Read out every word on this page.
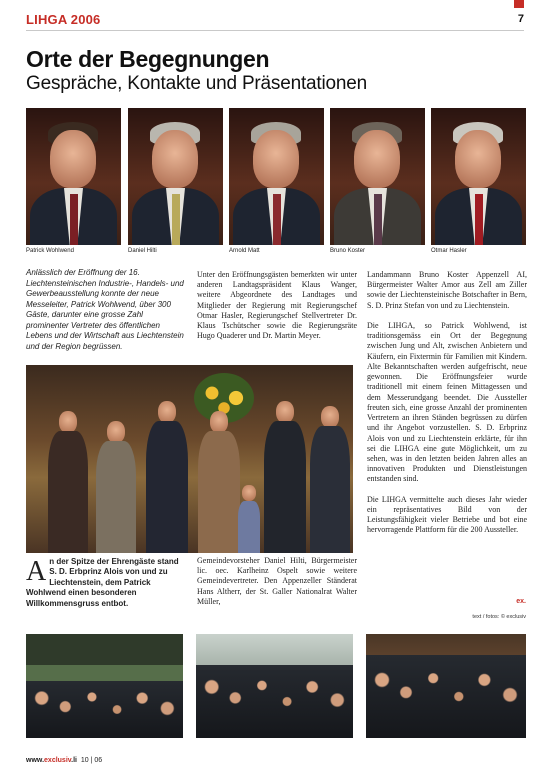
LIHGA 2006	7
Orte der Begegnungen
Gespräche, Kontakte und Präsentationen
Patrick Wohlwend	Daniel Hilti	Arnold Matt	Bruno Koster	Otmar Hasler

Anlässlich der Eröffnung der 16. Liechtensteinischen Industrie-, Handels- und Gewerbeausstellung konnte der neue Messeleiter, Patrick Wohlwend, über 300 Gäste, darunter eine grosse Zahl prominenter Vertreter des öffentlichen Lebens und der Wirtschaft aus Liechtenstein und der Region begrüssen.

Unter den Eröffnungsgästen bemerkten wir unter anderen Landtagspräsident Klaus Wanger, weitere Abgeordnete des Landtages und Mitglieder der Regierung mit Regierungschef Otmar Hasler, Regierungschef Stellvertreter Dr. Klaus Tschütscher sowie die Regierungsräte Hugo Quaderer und Dr. Martin Meyer.

Landammann Bruno Koster Appenzell AI, Bürgermeister Walter Amor aus Zell am Ziller sowie der Liechtensteinische Botschafter in Bern, S. D. Prinz Stefan von und zu Liechtenstein.

Die LIHGA, so Patrick Wohlwend, ist traditionsgemäss ein Ort der Begegnung zwischen Jung und Alt, zwischen Anbietern und Käufern, ein Fixtermin für Familien mit Kindern. Alte Bekanntschaften werden aufgefrischt, neue gewonnen. Die Eröffnungsfeier wurde traditionell mit einem feinen Mittagessen und dem Messerundgang beendet. Die Aussteller freuten sich, eine grosse Anzahl der prominenten Vertretern an ihren Ständen begrüssen zu dürfen und ihr Angebot vorzustellen. S. D. Erbprinz Alois von und zu Liechtenstein erklärte, für ihn sei die LIHGA eine gute Möglichkeit, um zu sehen, was in den letzten beiden Jahren alles an innovativen Produkten und Dienstleistungen entstanden sind.

Die LIHGA vermittelte auch dieses Jahr wieder ein repräsentatives Bild von der Leistungsfähigkeit vieler Betriebe und bot eine hervorragende Plattform für die 200 Aussteller.

Gemeindevorsteher Daniel Hilti, Bürgermeister lic. oec. Karlheinz Ospelt sowie weitere Gemeindevertreter. Den Appenzeller Ständerat Hans Altherr, der St. Galler Nationalrat Walter Müller,

A n der Spitze der Ehrengäste stand S. D. Erbprinz Alois von und zu Liechtenstein, dem Patrick Wohlwend einen besonderen Willkommensgruss entbot.	ex.
text / fotos: © exclusiv
www.exclusiv.li 10 | 06
